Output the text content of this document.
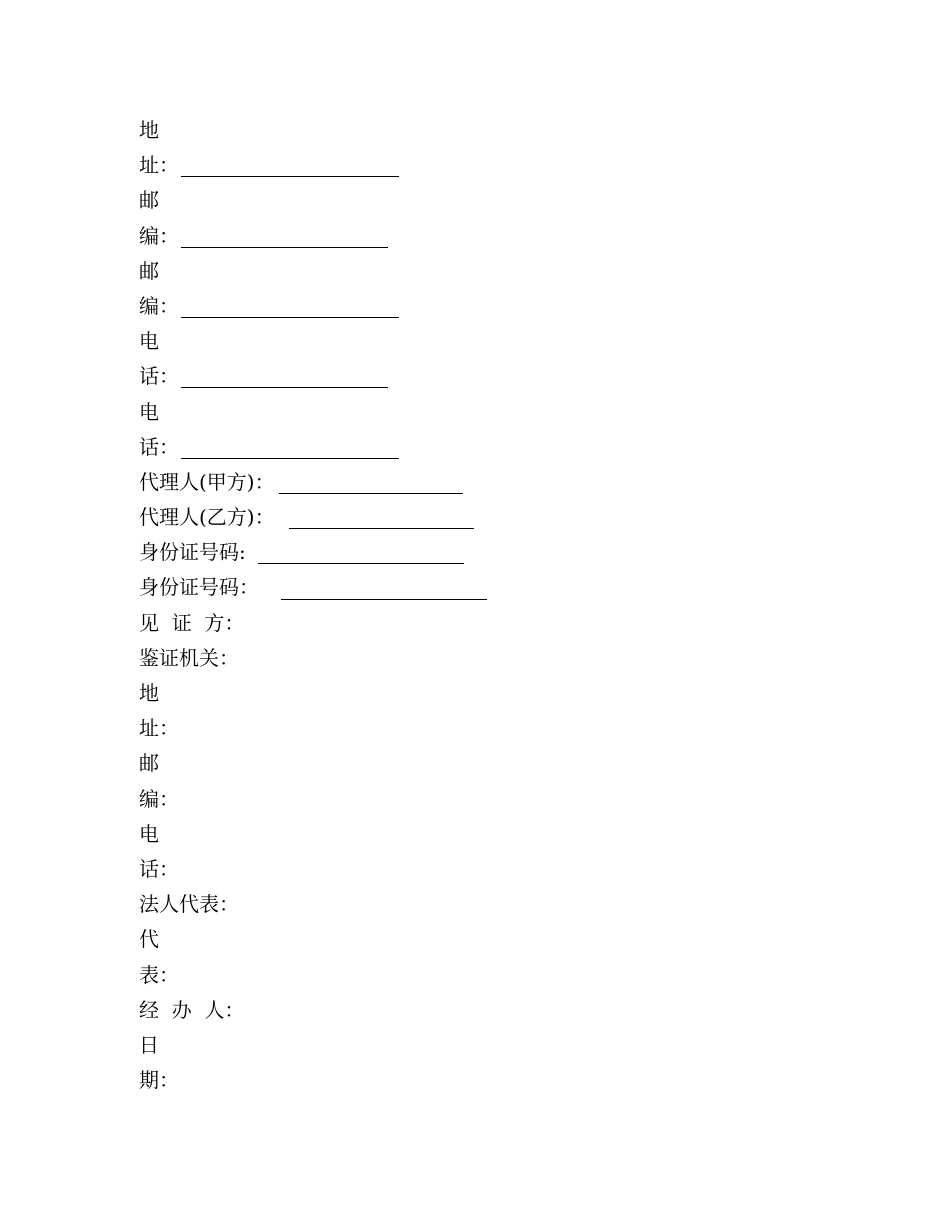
地
址：
邮
编：
邮
编：
电
话：
电
话：
代理人(甲方)：
代理人(乙方)：
身份证号码:
身份证号码：
见  证  方：
鉴证机关：
地
址：
邮
编：
电
话：
法人代表：
代
表：
经  办  人：
日
期：
